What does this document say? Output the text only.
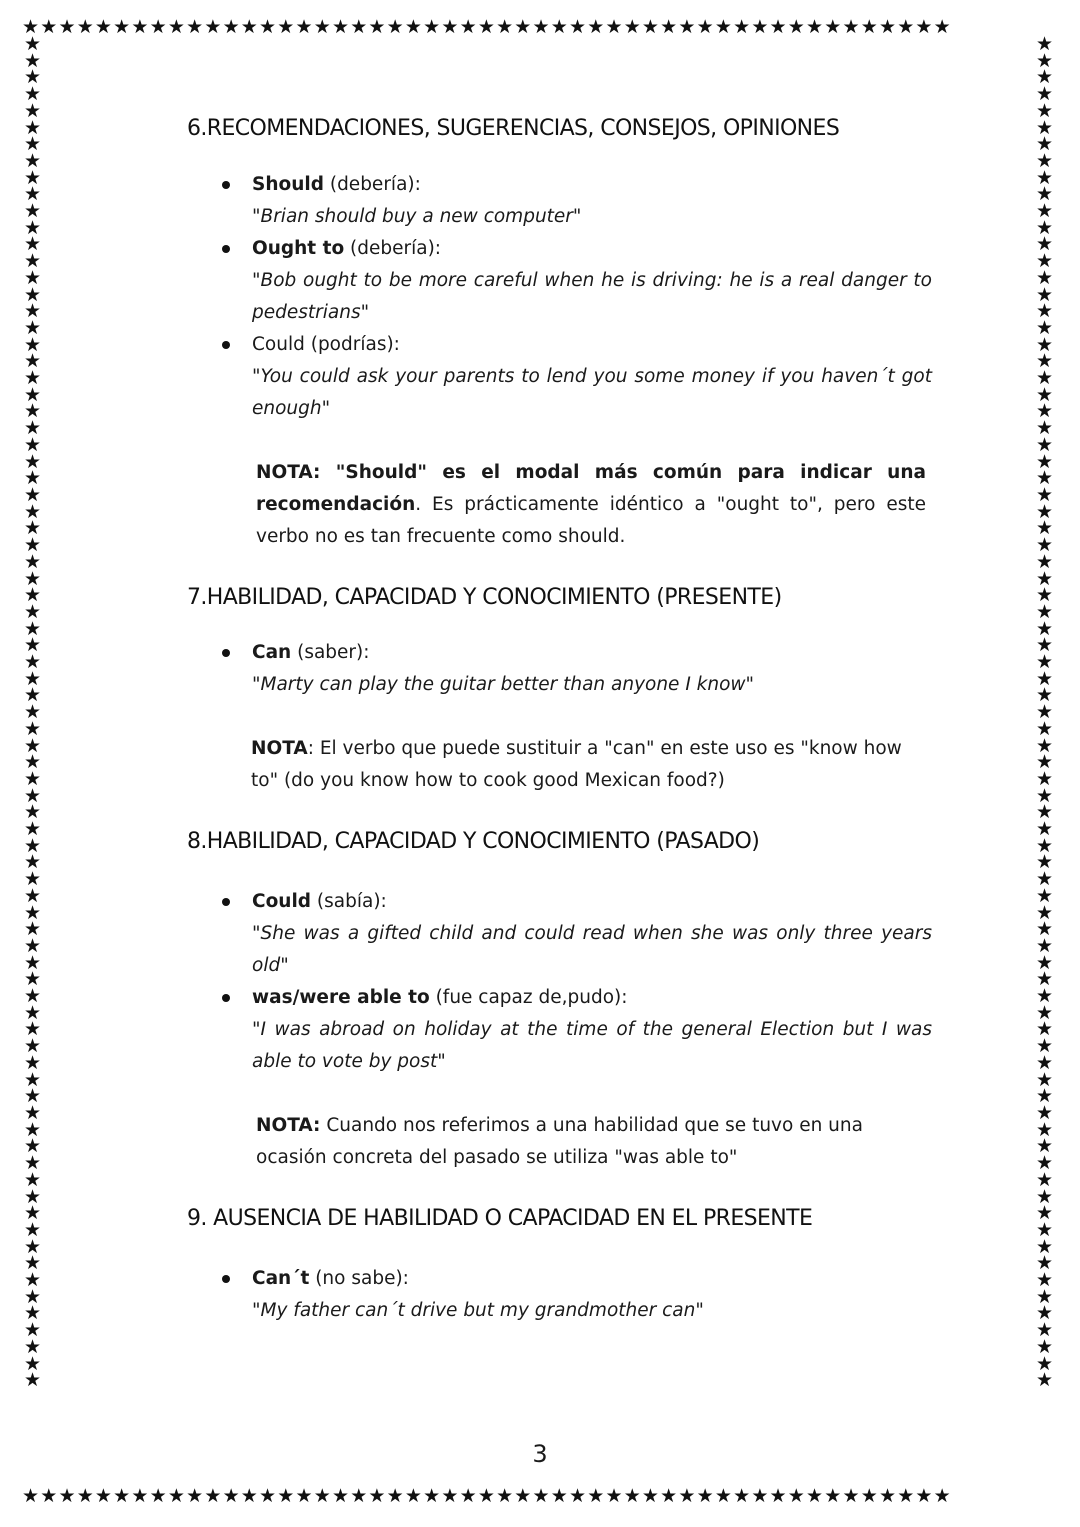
★★★★★★★★★★★★★★★★★★★★★★★★★★★★★★★★★★★★★★★★★★★★★★★★★★★
★★★★★★★★★★★★★★★★★★★★★★★★★★★★★★★★★★★★★★★★★★★★★★★★★★★
★★★★★★★★★★★★★★★★★★★★★★★★★★★★★★★★★★★★★★★★★★★★★★★★★★★★★★★★★★★★★★★★★★★★★★★★★★★★★★★★★
★★★★★★★★★★★★★★★★★★★★★★★★★★★★★★★★★★★★★★★★★★★★★★★★★★★★★★★★★★★★★★★★★★★★★★★★★★★★★★★★★
6.RECOMENDACIONES, SUGERENCIAS, CONSEJOS, OPINIONES

Should (debería):
"Brian should buy a new computer"

Ought to (debería):
"Bob ought to be more careful when he is driving: he is a real danger to pedestrians"

Could (podrías):
"You could ask your parents to lend you some money if you haven´t got enough"

NOTA: "Should" es el modal más común para indicar una recomendación. Es prácticamente idéntico a "ought to", pero este verbo no es tan frecuente como should.

7.HABILIDAD, CAPACIDAD Y CONOCIMIENTO (PRESENTE)

Can (saber):
"Marty can play the guitar better than anyone I know"

NOTA: El verbo que puede sustituir a "can" en este uso es "know how to" (do you know how to cook good Mexican food?)

8.HABILIDAD, CAPACIDAD Y CONOCIMIENTO (PASADO)

Could (sabía):
"She was a gifted child and could read when she was only three years old"

was/were able to (fue capaz de,pudo):
"I was abroad on holiday at the time of the general Election but I was able to vote by post"

NOTA: Cuando nos referimos a una habilidad que se tuvo en una ocasión concreta del pasado se utiliza "was able to"

9. AUSENCIA DE HABILIDAD O CAPACIDAD EN EL PRESENTE

Can´t (no sabe):
"My father can´t drive but my grandmother can"

3
